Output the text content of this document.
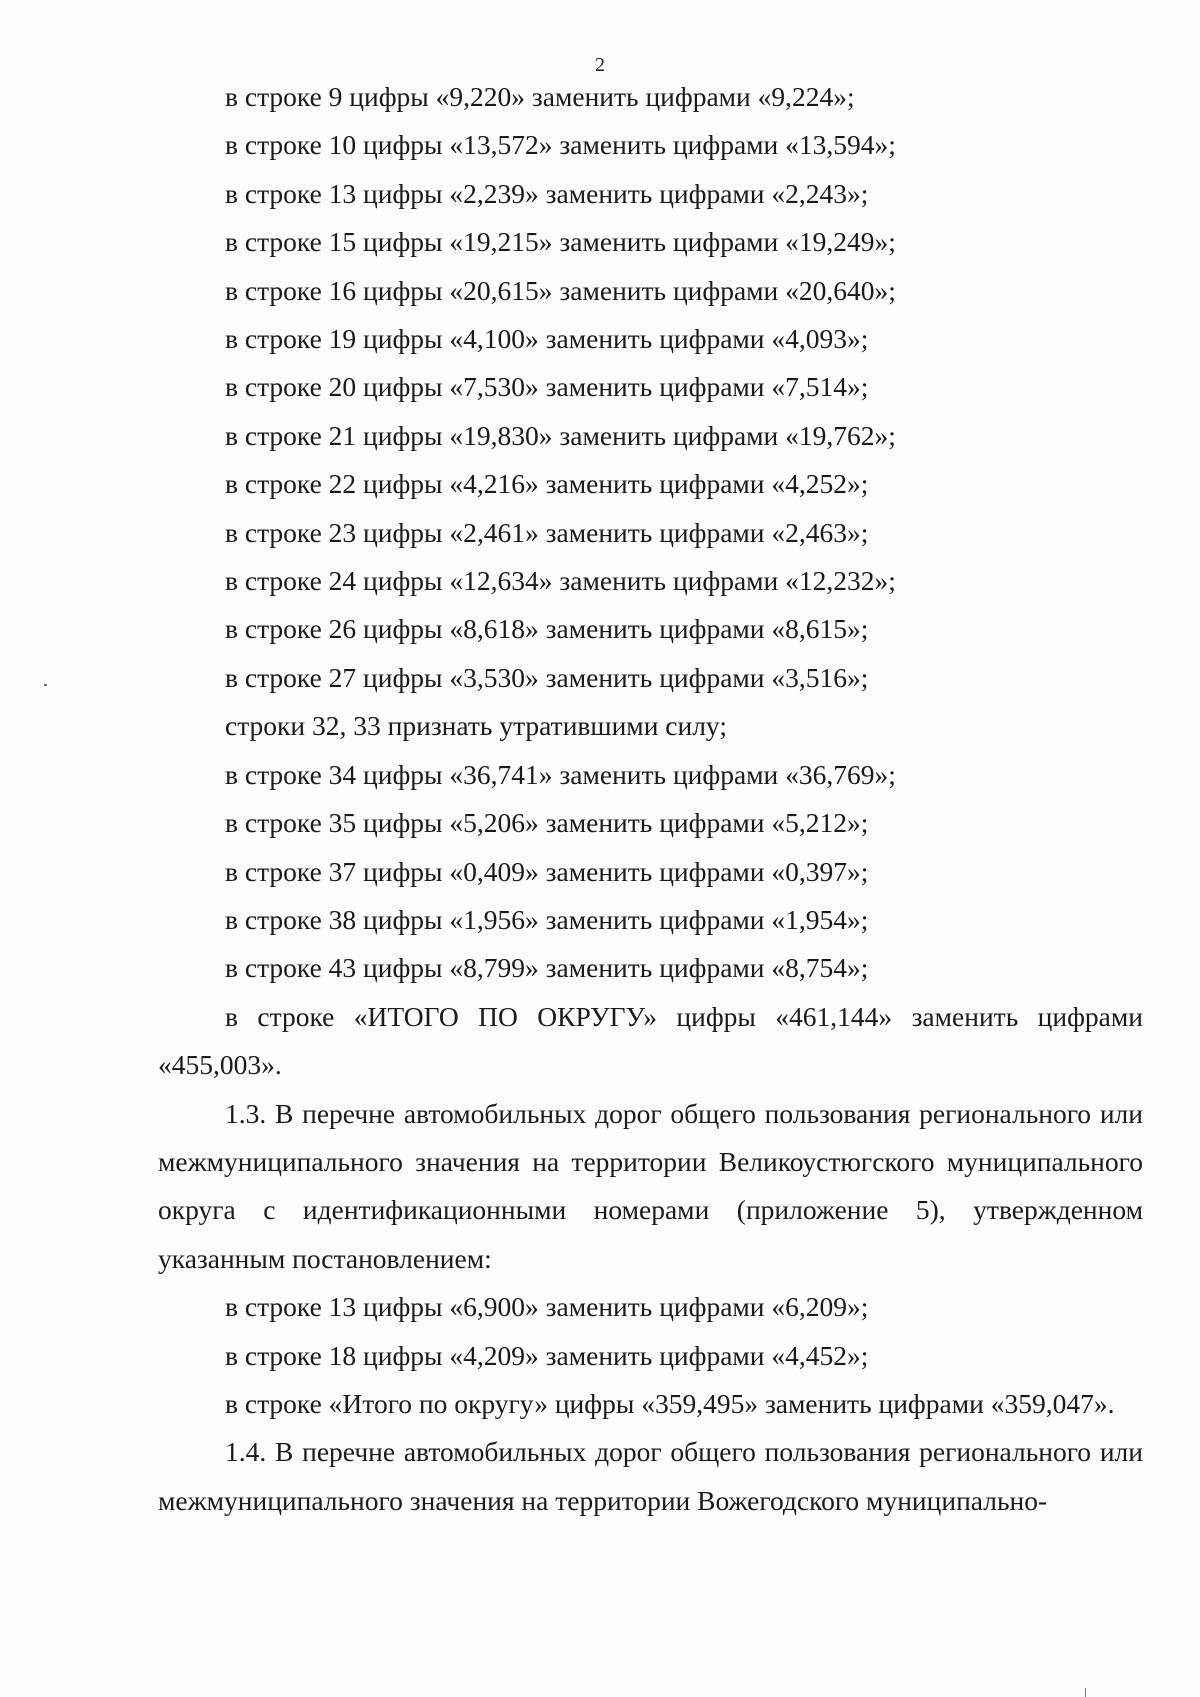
2
в строке 9 цифры «9,220» заменить цифрами «9,224»;
в строке 10 цифры «13,572» заменить цифрами «13,594»;
в строке 13 цифры «2,239» заменить цифрами «2,243»;
в строке 15 цифры «19,215» заменить цифрами «19,249»;
в строке 16 цифры «20,615» заменить цифрами «20,640»;
в строке 19 цифры «4,100» заменить цифрами «4,093»;
в строке 20 цифры «7,530» заменить цифрами «7,514»;
в строке 21 цифры «19,830» заменить цифрами «19,762»;
в строке 22 цифры «4,216» заменить цифрами «4,252»;
в строке 23 цифры «2,461» заменить цифрами «2,463»;
в строке 24 цифры «12,634» заменить цифрами «12,232»;
в строке 26 цифры «8,618» заменить цифрами «8,615»;
в строке 27 цифры «3,530» заменить цифрами «3,516»;
строки 32, 33 признать утратившими силу;
в строке 34 цифры «36,741» заменить цифрами «36,769»;
в строке 35 цифры «5,206» заменить цифрами «5,212»;
в строке 37 цифры «0,409» заменить цифрами «0,397»;
в строке 38 цифры «1,956» заменить цифрами «1,954»;
в строке 43 цифры «8,799» заменить цифрами «8,754»;

в строке «ИТОГО ПО ОКРУГУ» цифры «461,144» заменить цифрами «455,003».

1.3. В перечне автомобильных дорог общего пользования регионального или межмуниципального значения на территории Великоустюгского муниципального округа с идентификационными номерами (приложение 5), утвержденном указанным постановлением:

в строке 13 цифры «6,900» заменить цифрами «6,209»;
в строке 18 цифры «4,209» заменить цифрами «4,452»;

в строке «Итого по округу» цифры «359,495» заменить цифрами «359,047».

1.4. В перечне автомобильных дорог общего пользования регионального или межмуниципального значения на территории Вожегодского муниципально-
